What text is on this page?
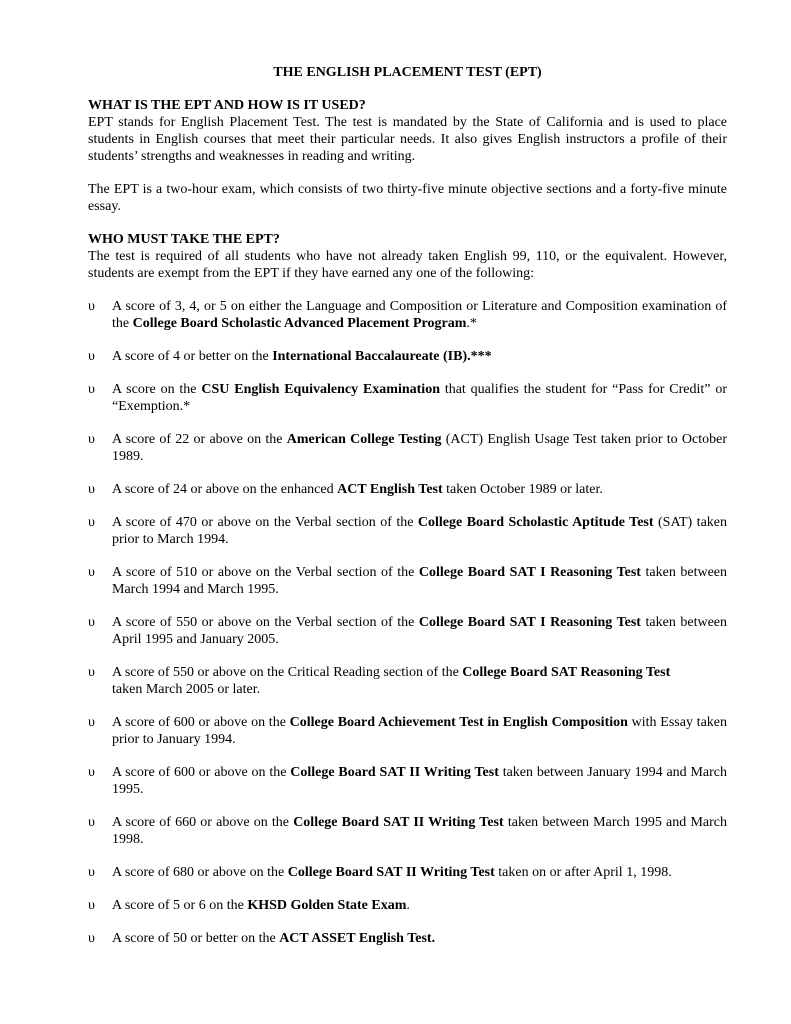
THE ENGLISH PLACEMENT TEST (EPT)
WHAT IS THE EPT AND HOW IS IT USED?
EPT stands for English Placement Test. The test is mandated by the State of California and is used to place students in English courses that meet their particular needs. It also gives English instructors a profile of their students’ strengths and weaknesses in reading and writing.
The EPT is a two-hour exam, which consists of two thirty-five minute objective sections and a forty-five minute essay.
WHO MUST TAKE THE EPT?
The test is required of all students who have not already taken English 99, 110, or the equivalent. However, students are exempt from the EPT if they have earned any one of the following:
υ A score of 3, 4, or 5 on either the Language and Composition or Literature and Composition examination of the College Board Scholastic Advanced Placement Program.*
υ A score of 4 or better on the International Baccalaureate (IB).***
υ A score on the CSU English Equivalency Examination that qualifies the student for “Pass for Credit” or “Exemption.*
υ A score of 22 or above on the American College Testing (ACT) English Usage Test taken prior to October 1989.
υ A score of 24 or above on the enhanced ACT English Test taken October 1989 or later.
υ A score of 470 or above on the Verbal section of the College Board Scholastic Aptitude Test (SAT) taken prior to March 1994.
υ A score of 510 or above on the Verbal section of the College Board SAT I Reasoning Test taken between March 1994 and March 1995.
υ A score of 550 or above on the Verbal section of the College Board SAT I Reasoning Test taken between April 1995 and January 2005.
υ A score of 550 or above on the Critical Reading section of the College Board SAT Reasoning Test
taken March 2005 or later.
υ A score of 600 or above on the College Board Achievement Test in English Composition with Essay taken prior to January 1994.
υ A score of 600 or above on the College Board SAT II Writing Test taken between January 1994 and March 1995.
υ A score of 660 or above on the College Board SAT II Writing Test taken between March 1995 and March 1998.
υ A score of 680 or above on the College Board SAT II Writing Test taken on or after April 1, 1998.
υ A score of 5 or 6 on the KHSD Golden State Exam.
υ A score of 50 or better on the ACT ASSET English Test.
